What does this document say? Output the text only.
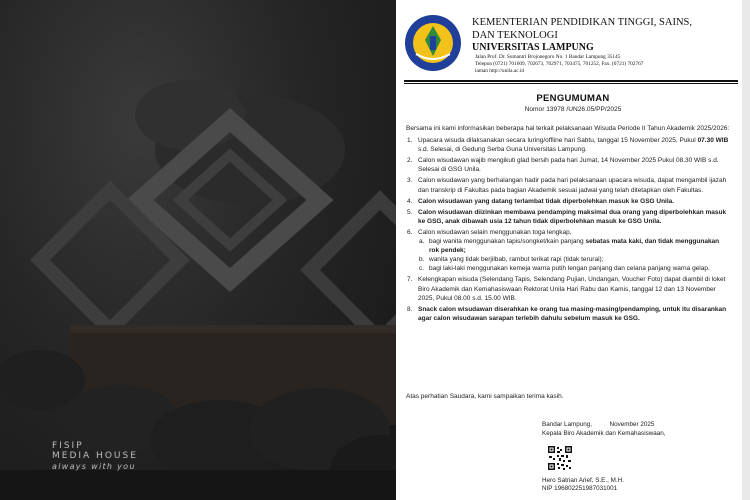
FISIP
MEDIA HOUSE
always with you
KEMENTERIAN PENDIDIKAN TINGGI, SAINS,
DAN TEKNOLOGI
UNIVERSITAS LAMPUNG
Jalan Prof. Dr. Sumantri Brojonegoro No. 1 Bandar Lampung 35145
Telepon (0721) 701609, 702673, 702971, 703475, 701252, Fax. (0721) 702767
laman http://unila.ac.id
PENGUMUMAN
Nomor 13978 /UN26.05/PP/2025

Bersama ini kami informasikan beberapa hal terkait pelaksanaan Wisuda Periode II Tahun Akademik 2025/2026:

1. Upacara wisuda dilaksanakan secara luring/offline hari Sabtu, tanggal 15 November 2025, Pukul 07.30 WIB s.d. Selesai, di Gedung Serba Guna Universitas Lampung.
2. Calon wisudawan wajib mengikuti glad bersih pada hari Jumat, 14 November 2025 Pukul 08.30 WIB s.d. Selesai di GSG Unila.
3. Calon wisudawan yang berhalangan hadir pada hari pelaksanaan upacara wisuda, dapat mengambil ijazah dan transkrip di Fakultas pada bagian Akademik sesuai jadwal yang telah ditetapkan oleh Fakultas.
4. Calon wisudawan yang datang terlambat tidak diperbolehkan masuk ke GSG Unila.
5. Calon wisudawan diizinkan membawa pendamping maksimal dua orang yang diperbolehkan masuk ke GSG, anak dibawah usia 12 tahun tidak diperbolehkan masuk ke GSG Unila.
6. Calon wisudawan selain menggunakan toga lengkap,
a. bagi wanita menggunakan tapis/songket/kain panjang sebatas mata kaki, dan tidak menggunakan rok pendek;
b. wanita yang tidak berjilbab, rambut terikat rapi (tidak terurai);
c. bagi laki-laki menggunakan kemeja warna putih lengan panjang dan celana panjang warna gelap.
7. Kelengkapan wisuda (Selendang Tapis, Selendang Pujian, Undangan, Voucher Foto) dapat diambil di loket Biro Akademik dan Kemahasiswaan Rektorat Unila Hari Rabu dan Kamis, tanggal 12 dan 13 November 2025, Pukul 08.00 s.d. 15.00 WIB.
8. Snack calon wisudawan diserahkan ke orang tua masing-masing/pendamping, untuk itu disarankan agar calon wisudawan sarapan terlebih dahulu sebelum masuk ke GSG.
Atas perhatian Saudara, kami sampaikan terima kasih.
Bandar Lampung,          November 2025
Kepala Biro Akademik dan Kemahasiswaan,
Hero Satrian Arief, S.E., M.H.
NIP 196802251987031001
